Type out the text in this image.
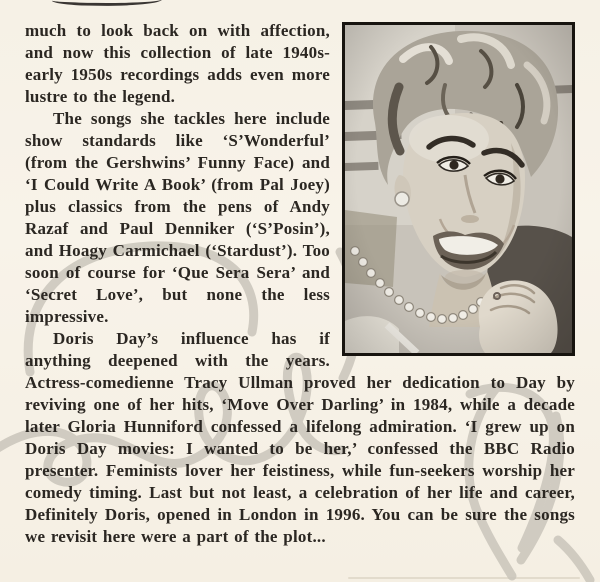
much to look back on with affection, and now this collection of late 1940s-early 1950s recordings adds even more lustre to the legend.

The songs she tackles here include show standards like ‘S’Wonderful’ (from the Gershwins’ Funny Face) and ‘I Could Write A Book’ (from Pal Joey) plus classics from the pens of Andy Razaf and Paul Denniker (‘S’Posin’), and Hoagy Carmichael (‘Stardust’). Too soon of course for ‘Que Sera Sera’ and ‘Secret Love’, but none the less impressive.

Doris Day’s influence has if anything deepened with the years. Actress-comedienne Tracy Ullman proved her dedication to Day by reviving one of her hits, ‘Move Over Darling’ in 1984, while a decade later Gloria Hunniford confessed a lifelong admiration. ‘I grew up on Doris Day movies: I wanted to be her,’ confessed the BBC Radio presenter. Feminists lover her feistiness, while fun-seekers worship her comedy timing. Last but not least, a celebration of her life and career, Definitely Doris, opened in London in 1996. You can be sure the songs we revisit here were a part of the plot...
